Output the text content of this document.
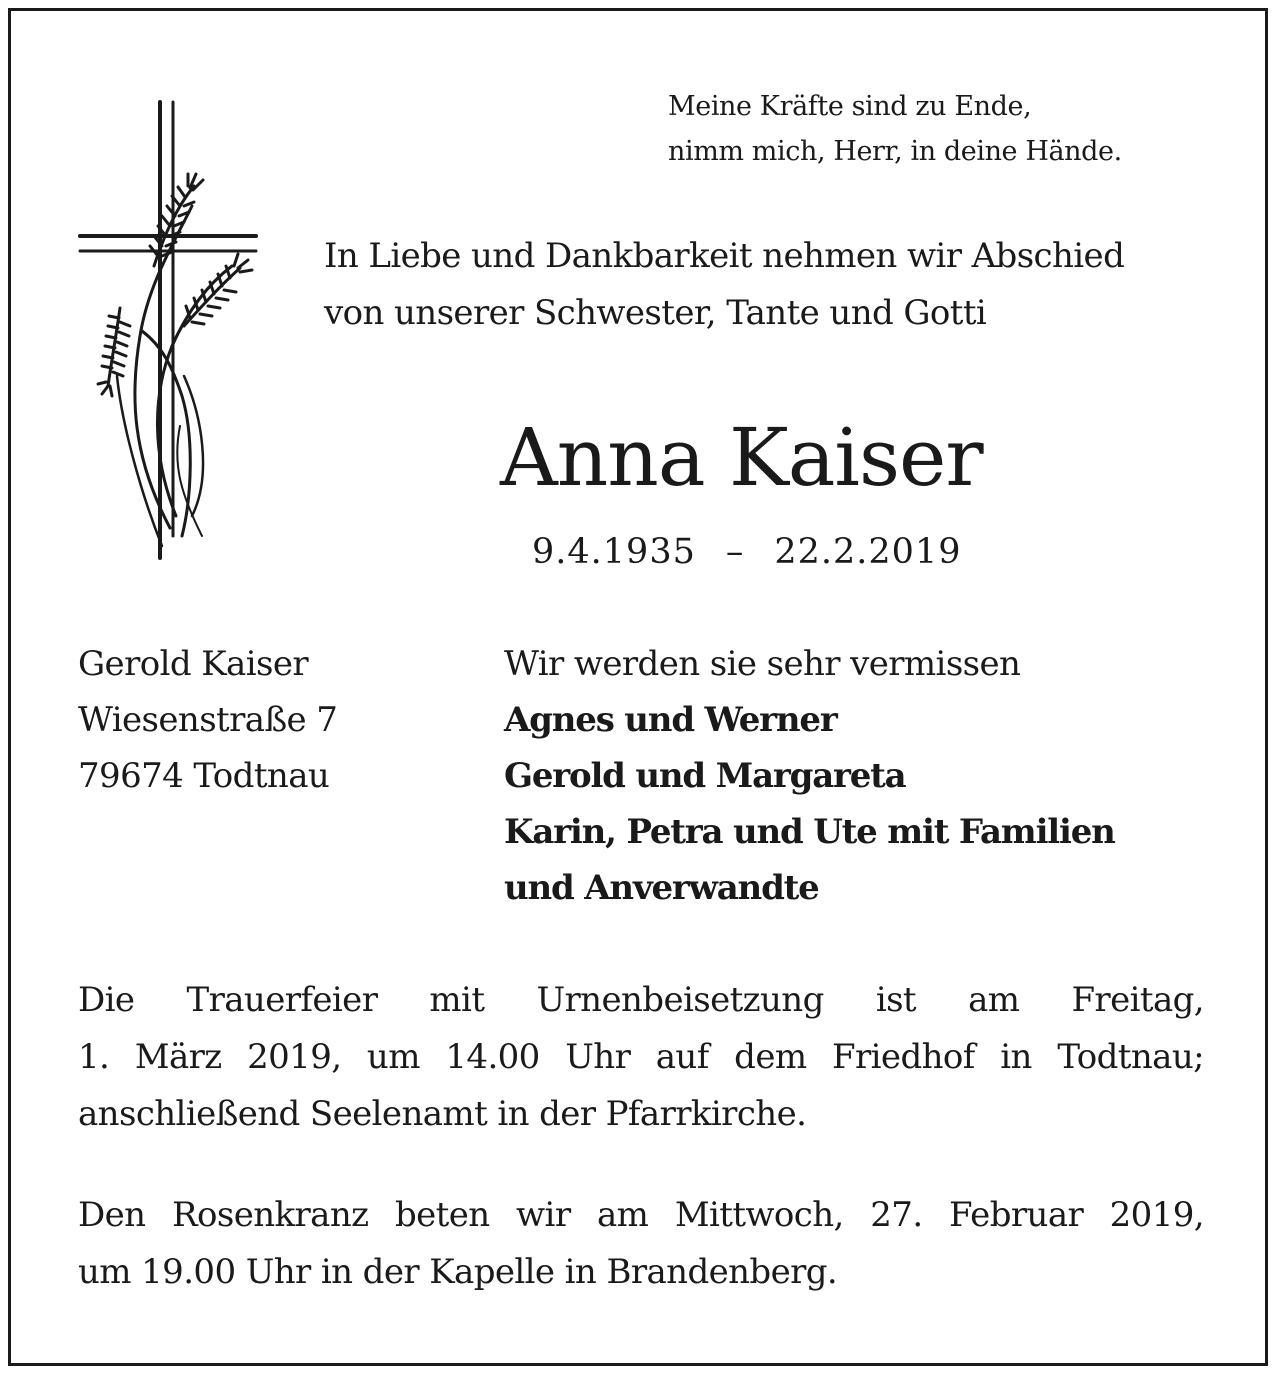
Meine Kräfte sind zu Ende,
nimm mich, Herr, in deine Hände.
In Liebe und Dankbarkeit nehmen wir Abschied
von unserer Schwester, Tante und Gotti
Anna Kaiser
9.4.1935 – 22.2.2019
Gerold Kaiser
Wiesenstraße 7
79674 Todtnau
Wir werden sie sehr vermissen
Agnes und Werner
Gerold und Margareta
Karin, Petra und Ute mit Familien
und Anverwandte
Die Trauerfeier mit Urnenbeisetzung ist am Freitag,
1. März 2019, um 14.00 Uhr auf dem Friedhof in Todtnau;
anschließend Seelenamt in der Pfarrkirche.
Den Rosenkranz beten wir am Mittwoch, 27. Februar 2019,
um 19.00 Uhr in der Kapelle in Brandenberg.
